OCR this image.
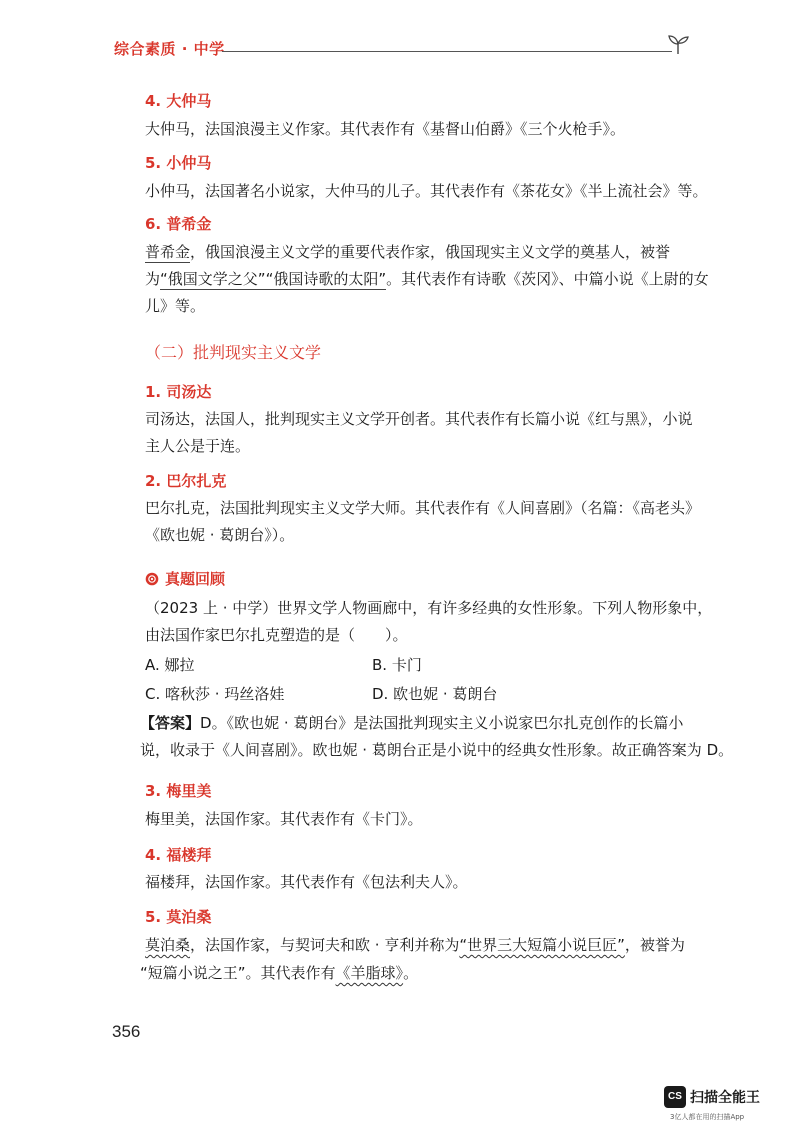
综合素质 · 中学
4. 大仲马
大仲马，法国浪漫主义作家。其代表作有《基督山伯爵》《三个火枪手》。
5. 小仲马
小仲马，法国著名小说家，大仲马的儿子。其代表作有《茶花女》《半上流社会》等。
6. 普希金
普希金，俄国浪漫主义文学的重要代表作家，俄国现实主义文学的奠基人，被誉
为“俄国文学之父”“俄国诗歌的太阳”。其代表作有诗歌《茨冈》、中篇小说《上尉的女
儿》等。
（二）批判现实主义文学
1. 司汤达
司汤达，法国人，批判现实主义文学开创者。其代表作有长篇小说《红与黑》，小说
主人公是于连。
2. 巴尔扎克
巴尔扎克，法国批判现实主义文学大师。其代表作有《人间喜剧》（名篇：《高老头》
《欧也妮 · 葛朗台》）。
真题回顾
（2023 上 · 中学）世界文学人物画廊中，有许多经典的女性形象。下列人物形象中，
由法国作家巴尔扎克塑造的是（　　）。
A. 娜拉	B. 卡门
C. 喀秋莎 · 玛丝洛娃	D. 欧也妮 · 葛朗台
【答案】D。《欧也妮 · 葛朗台》是法国批判现实主义小说家巴尔扎克创作的长篇小
说，收录于《人间喜剧》。欧也妮 · 葛朗台正是小说中的经典女性形象。故正确答案为 D。
3. 梅里美
梅里美，法国作家。其代表作有《卡门》。
4. 福楼拜
福楼拜，法国作家。其代表作有《包法利夫人》。
5. 莫泊桑
莫泊桑，法国作家，与契诃夫和欧 · 亨利并称为“世界三大短篇小说巨匠”，被誉为
“短篇小说之王”。其代表作有《羊脂球》。
356
CS 扫描全能王
3亿人都在用的扫描App
